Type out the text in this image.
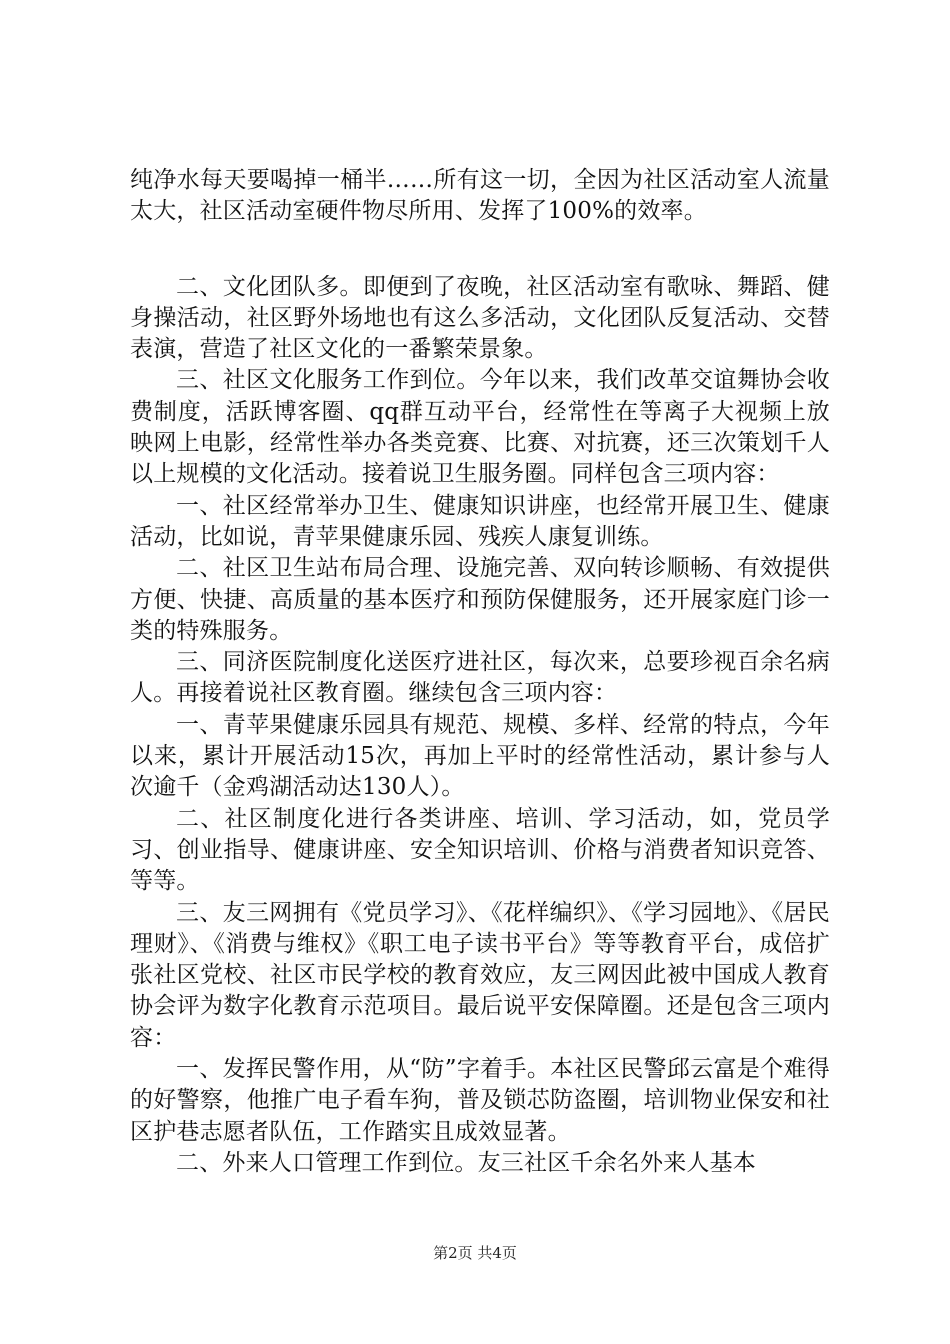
纯净水每天要喝掉一桶半……所有这一切，全因为社区活动室人流量太大，社区活动室硬件物尽所用、发挥了100%的效率。

二、文化团队多。即便到了夜晚，社区活动室有歌咏、舞蹈、健身操活动，社区野外场地也有这么多活动，文化团队反复活动、交替表演，营造了社区文化的一番繁荣景象。

三、社区文化服务工作到位。今年以来，我们改革交谊舞协会收费制度，活跃博客圈、qq群互动平台，经常性在等离子大视频上放映网上电影，经常性举办各类竞赛、比赛、对抗赛，还三次策划千人以上规模的文化活动。接着说卫生服务圈。同样包含三项内容：

一、社区经常举办卫生、健康知识讲座，也经常开展卫生、健康活动，比如说，青苹果健康乐园、残疾人康复训练。

二、社区卫生站布局合理、设施完善、双向转诊顺畅、有效提供方便、快捷、高质量的基本医疗和预防保健服务，还开展家庭门诊一类的特殊服务。

三、同济医院制度化送医疗进社区，每次来，总要珍视百余名病人。再接着说社区教育圈。继续包含三项内容：

一、青苹果健康乐园具有规范、规模、多样、经常的特点，今年以来，累计开展活动15次，再加上平时的经常性活动，累计参与人次逾千（金鸡湖活动达130人）。

二、社区制度化进行各类讲座、培训、学习活动，如，党员学习、创业指导、健康讲座、安全知识培训、价格与消费者知识竞答、等等。

三、友三网拥有《党员学习》、《花样编织》、《学习园地》、《居民理财》、《消费与维权》《职工电子读书平台》等等教育平台，成倍扩张社区党校、社区市民学校的教育效应，友三网因此被中国成人教育协会评为数字化教育示范项目。最后说平安保障圈。还是包含三项内容：

一、发挥民警作用，从“防”字着手。本社区民警邱云富是个难得的好警察，他推广电子看车狗，普及锁芯防盗圈，培训物业保安和社区护巷志愿者队伍，工作踏实且成效显著。

二、外来人口管理工作到位。友三社区千余名外来人基本

第2页 共4页
